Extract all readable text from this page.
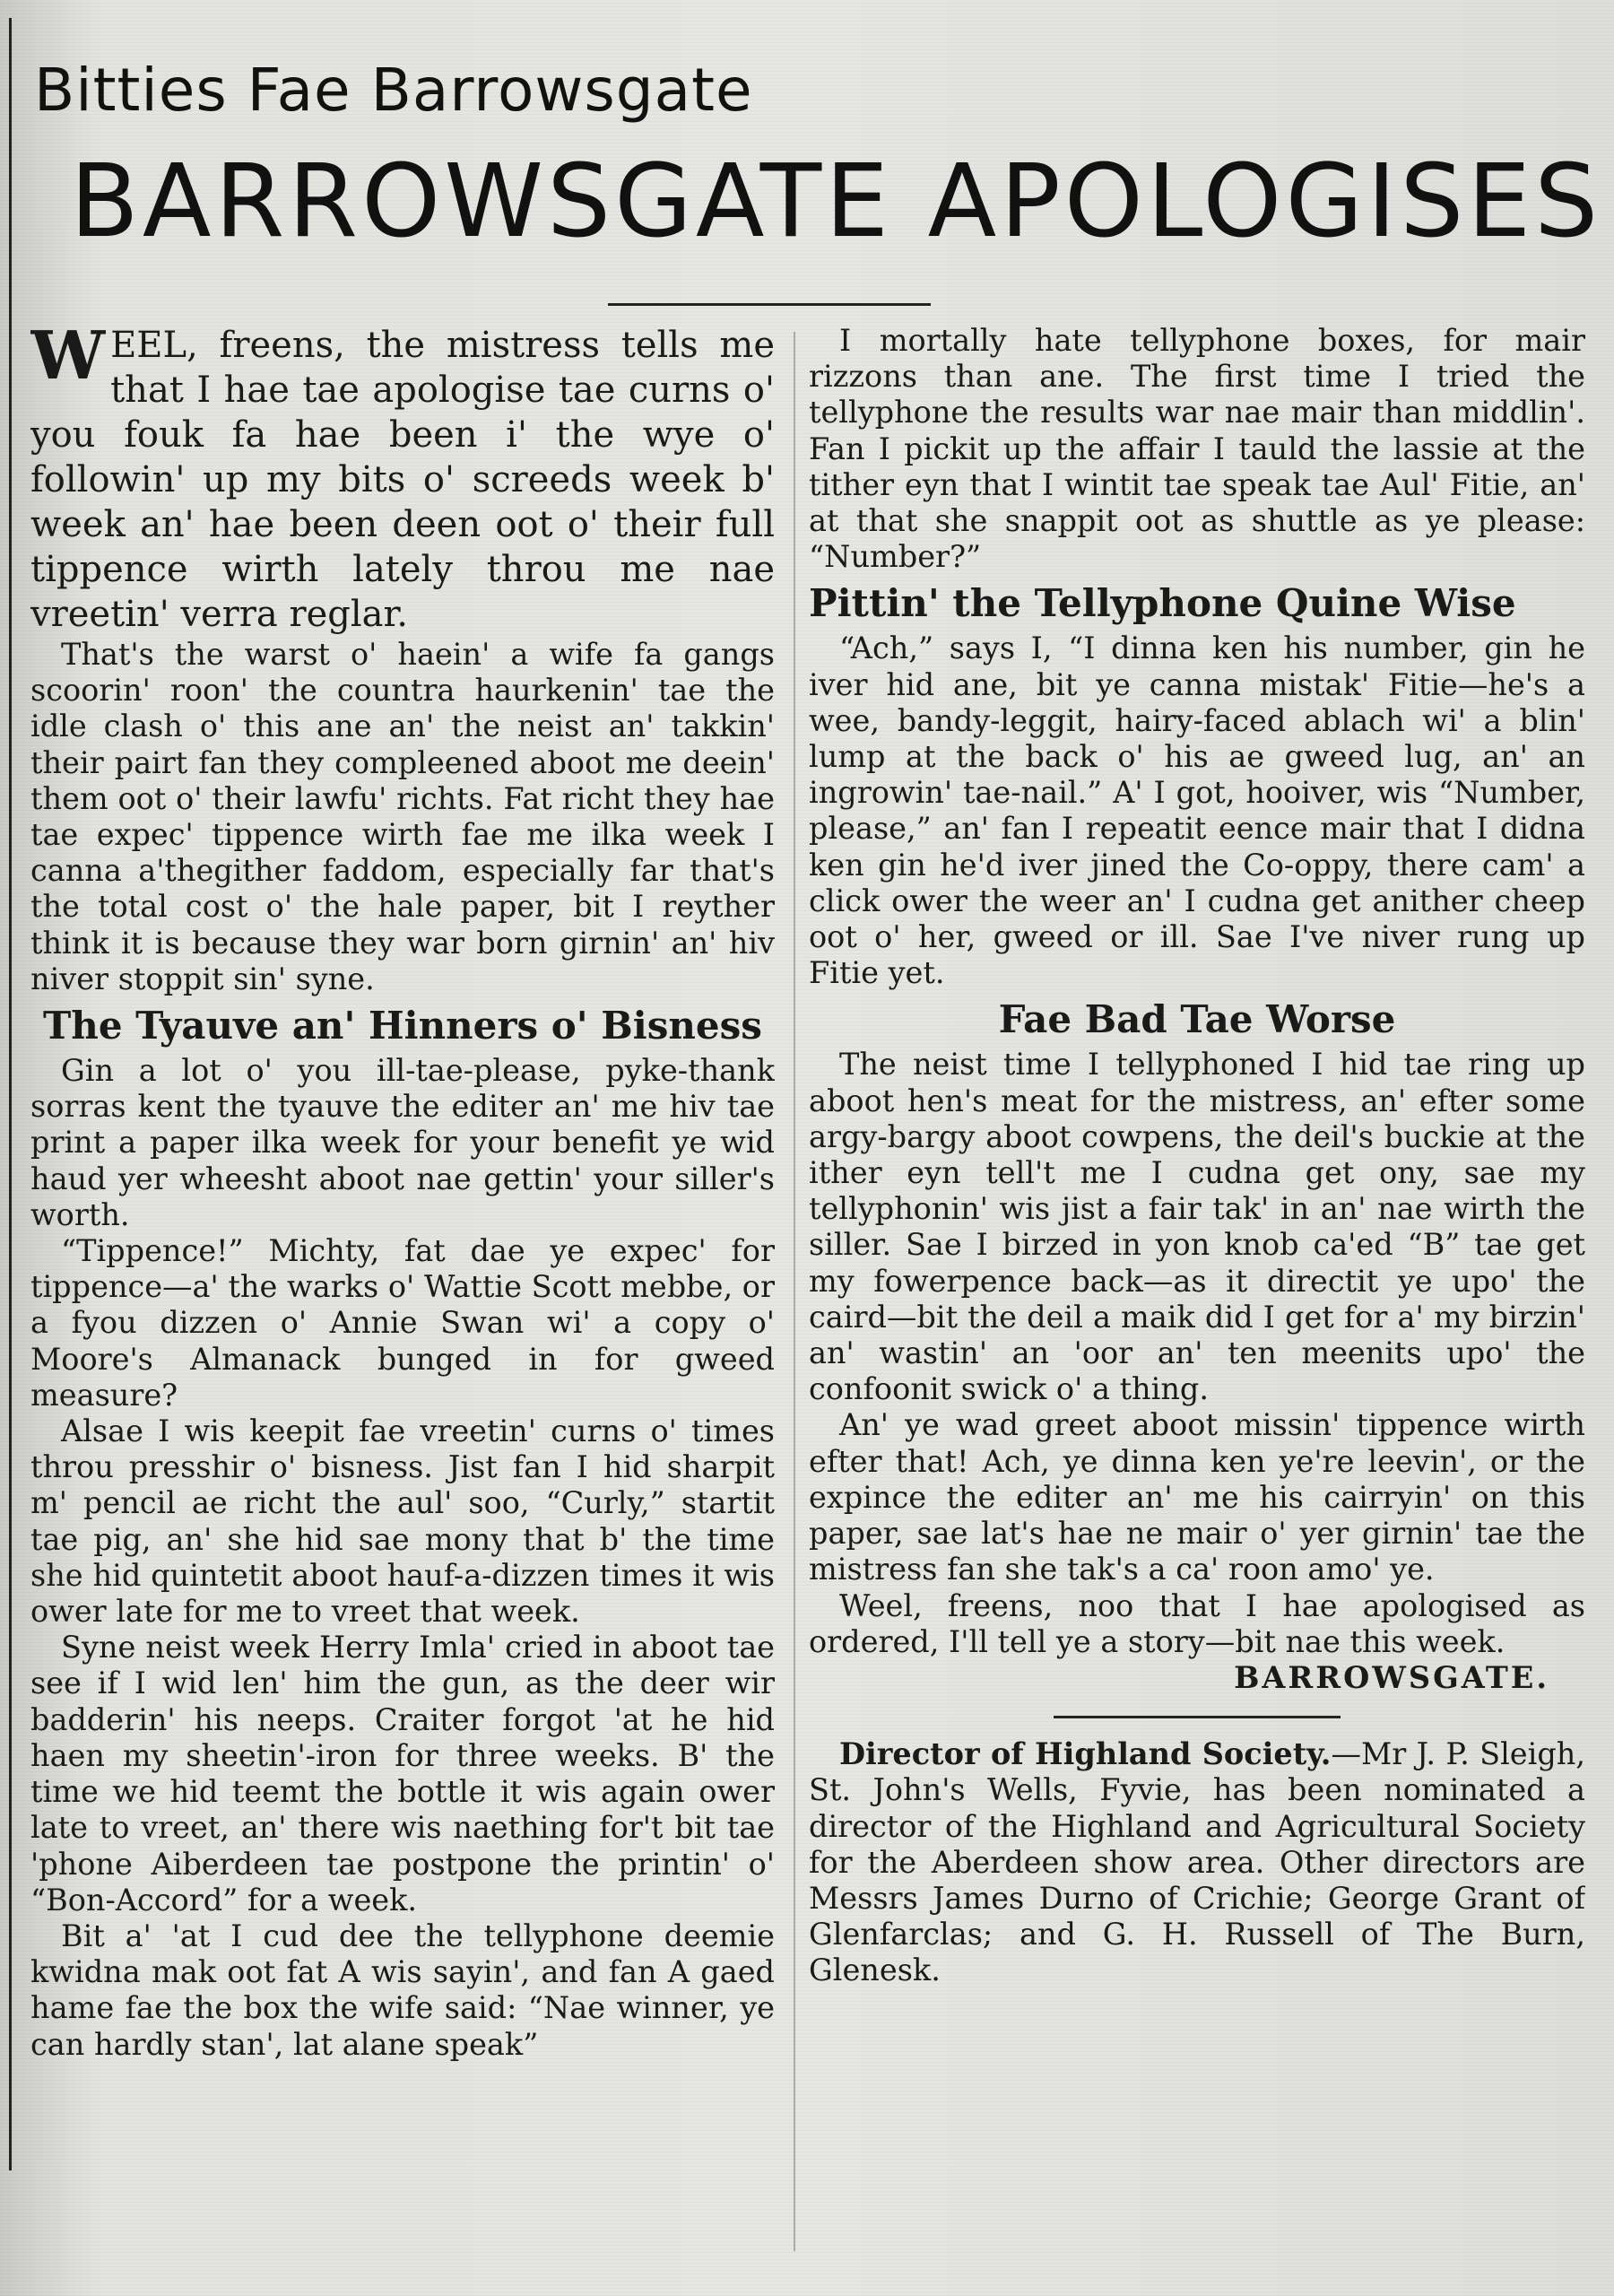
Bitties Fae Barrowsgate
BARROWSGATE APOLOGISES

WEEL, freens, the mistress tells me that I hae tae apologise tae curns o' you fouk fa hae been i' the wye o' followin' up my bits o' screeds week b' week an' hae been deen oot o' their full tippence wirth lately throu me nae vreetin' verra reglar.

That's the warst o' haein' a wife fa gangs scoorin' roon' the countra haurkenin' tae the idle clash o' this ane an' the neist an' takkin' their pairt fan they compleened aboot me deein' them oot o' their lawfu' richts. Fat richt they hae tae expec' tippence wirth fae me ilka week I canna a'thegither faddom, especially far that's the total cost o' the hale paper, bit I reyther think it is because they war born girnin' an' hiv niver stoppit sin' syne.

The Tyauve an' Hinners o' Bisness

Gin a lot o' you ill-tae-please, pyke-thank sorras kent the tyauve the editer an' me hiv tae print a paper ilka week for your benefit ye wid haud yer wheesht aboot nae gettin' your siller's worth.

“Tippence!” Michty, fat dae ye expec' for tippence—a' the warks o' Wattie Scott mebbe, or a fyou dizzen o' Annie Swan wi' a copy o' Moore's Almanack bunged in for gweed measure?

Alsae I wis keepit fae vreetin' curns o' times throu presshir o' bisness. Jist fan I hid sharpit m' pencil ae richt the aul' soo, “Curly,” startit tae pig, an' she hid sae mony that b' the time she hid quintetit aboot hauf-a-dizzen times it wis ower late for me to vreet that week.

Syne neist week Herry Imla' cried in aboot tae see if I wid len' him the gun, as the deer wir badderin' his neeps. Craiter forgot 'at he hid haen my sheetin'-iron for three weeks. B' the time we hid teemt the bottle it wis again ower late to vreet, an' there wis naething for't bit tae 'phone Aiberdeen tae postpone the printin' o' “Bon-Accord” for a week.

Bit a' 'at I cud dee the tellyphone deemie kwidna mak oot fat A wis sayin', and fan A gaed hame fae the box the wife said: “Nae winner, ye can hardly stan', lat alane speak”

I mortally hate tellyphone boxes, for mair rizzons than ane. The first time I tried the tellyphone the results war nae mair than middlin'. Fan I pickit up the affair I tauld the lassie at the tither eyn that I wintit tae speak tae Aul' Fitie, an' at that she snappit oot as shuttle as ye please: “Number?”

Pittin' the Tellyphone Quine Wise

“Ach,” says I, “I dinna ken his number, gin he iver hid ane, bit ye canna mistak' Fitie—he's a wee, bandy-leggit, hairy-faced ablach wi' a blin' lump at the back o' his ae gweed lug, an' an ingrowin' tae-nail.” A' I got, hooiver, wis “Number, please,” an' fan I repeatit eence mair that I didna ken gin he'd iver jined the Co-oppy, there cam' a click ower the weer an' I cudna get anither cheep oot o' her, gweed or ill. Sae I've niver rung up Fitie yet.

Fae Bad Tae Worse

The neist time I tellyphoned I hid tae ring up aboot hen's meat for the mistress, an' efter some argy-bargy aboot cowpens, the deil's buckie at the ither eyn tell't me I cudna get ony, sae my tellyphonin' wis jist a fair tak' in an' nae wirth the siller. Sae I birzed in yon knob ca'ed “B” tae get my fowerpence back—as it directit ye upo' the caird—bit the deil a maik did I get for a' my birzin' an' wastin' an 'oor an' ten meenits upo' the confoonit swick o' a thing.

An' ye wad greet aboot missin' tippence wirth efter that! Ach, ye dinna ken ye're leevin', or the expince the editer an' me his cairryin' on this paper, sae lat's hae ne mair o' yer girnin' tae the mistress fan she tak's a ca' roon amo' ye.

Weel, freens, noo that I hae apologised as ordered, I'll tell ye a story—bit nae this week.

BARROWSGATE.

Director of Highland Society.—Mr J. P. Sleigh, St. John's Wells, Fyvie, has been nominated a director of the Highland and Agricultural Society for the Aberdeen show area. Other directors are Messrs James Durno of Crichie; George Grant of Glenfarclas; and G. H. Russell of The Burn, Glenesk.
